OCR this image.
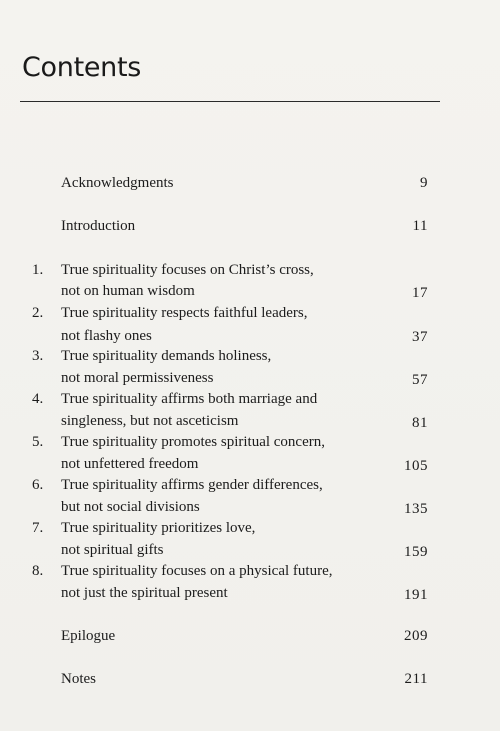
Contents
Acknowledgments	9
Introduction	11
1.	True spirituality focuses on Christ’s cross,
not on human wisdom	17
2.	True spirituality respects faithful leaders,
not flashy ones	37
3.	True spirituality demands holiness,
not moral permissiveness	57
4.	True spirituality affirms both marriage and
singleness, but not asceticism	81
5.	True spirituality promotes spiritual concern,
not unfettered freedom	105
6.	True spirituality affirms gender differences,
but not social divisions	135
7.	True spirituality prioritizes love,
not spiritual gifts	159
8.	True spirituality focuses on a physical future,
not just the spiritual present	191
Epilogue	209
Notes	211
